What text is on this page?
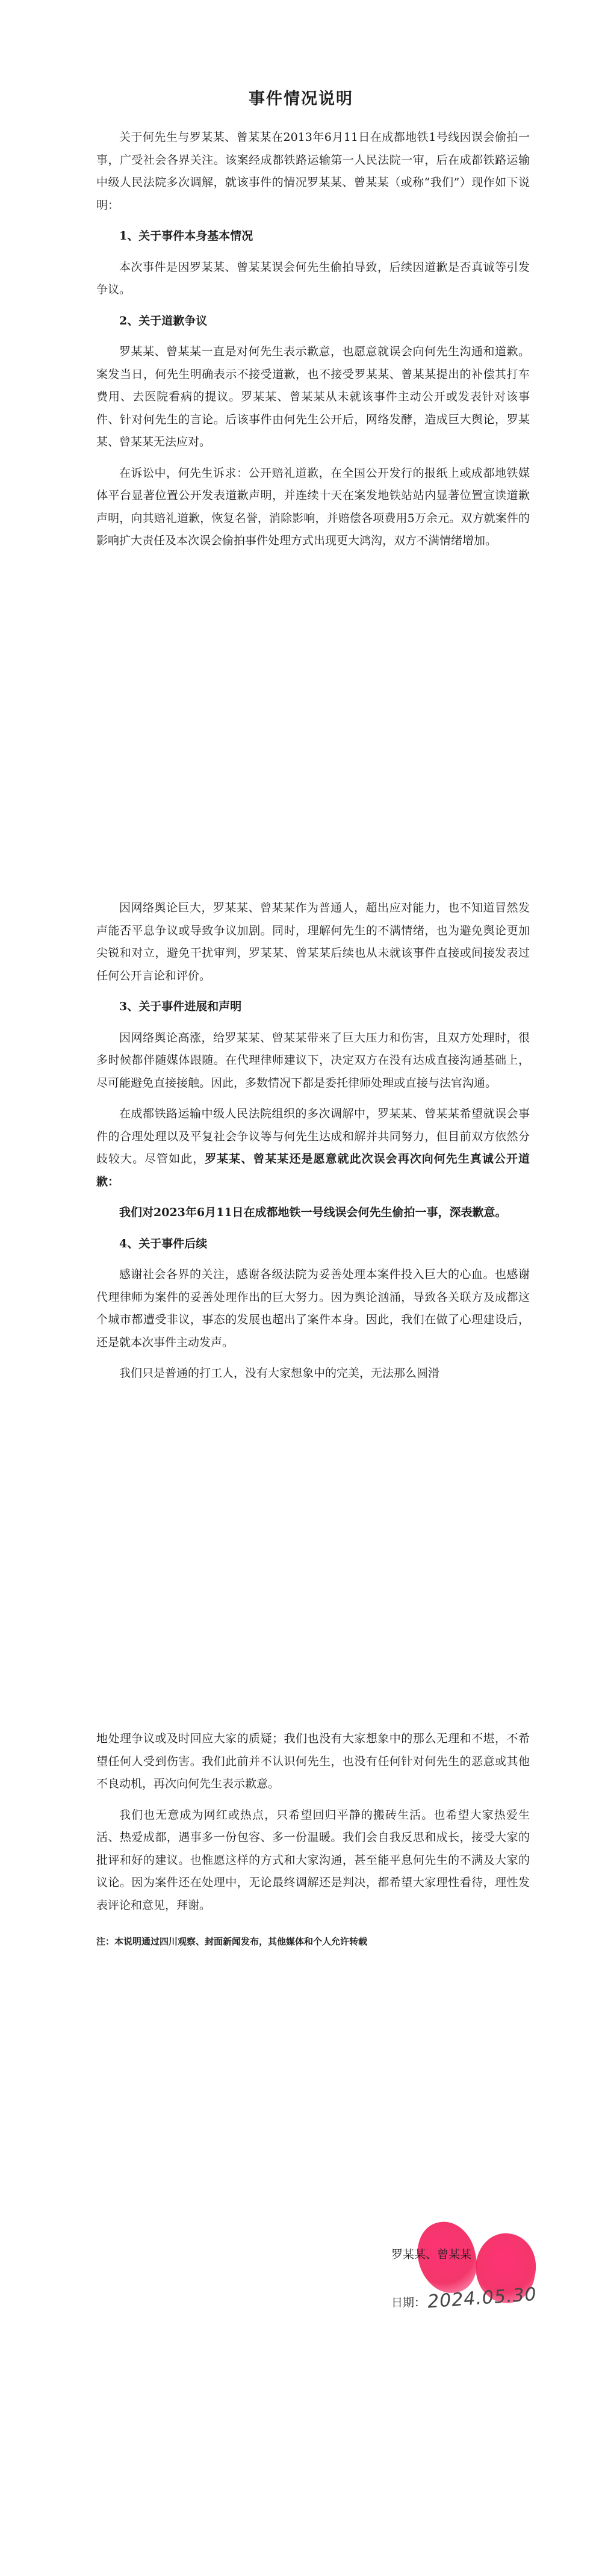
事件情况说明

关于何先生与罗某某、曾某某在2013年6月11日在成都地铁1号线因误会偷拍一事，广受社会各界关注。该案经成都铁路运输第一人民法院一审，后在成都铁路运输中级人民法院多次调解，就该事件的情况罗某某、曾某某（或称“我们”）现作如下说明：

1、关于事件本身基本情况

本次事件是因罗某某、曾某某误会何先生偷拍导致，后续因道歉是否真诚等引发争议。

2、关于道歉争议

罗某某、曾某某一直是对何先生表示歉意，也愿意就误会向何先生沟通和道歉。案发当日，何先生明确表示不接受道歉，也不接受罗某某、曾某某提出的补偿其打车费用、去医院看病的提议。罗某某、曾某某从未就该事件主动公开或发表针对该事件、针对何先生的言论。后该事件由何先生公开后，网络发酵，造成巨大舆论，罗某某、曾某某无法应对。

在诉讼中，何先生诉求：公开赔礼道歉，在全国公开发行的报纸上或成都地铁媒体平台显著位置公开发表道歉声明，并连续十天在案发地铁站站内显著位置宣读道歉声明，向其赔礼道歉，恢复名誉，消除影响，并赔偿各项费用5万余元。双方就案件的影响扩大责任及本次误会偷拍事件处理方式出现更大鸿沟，双方不满情绪增加。

因网络舆论巨大，罗某某、曾某某作为普通人，超出应对能力，也不知道冒然发声能否平息争议或导致争议加剧。同时，理解何先生的不满情绪，也为避免舆论更加尖锐和对立，避免干扰审判，罗某某、曾某某后续也从未就该事件直接或间接发表过任何公开言论和评价。

3、关于事件进展和声明

因网络舆论高涨，给罗某某、曾某某带来了巨大压力和伤害，且双方处理时，很多时候都伴随媒体跟随。在代理律师建议下，决定双方在没有达成直接沟通基础上，尽可能避免直接接触。因此，多数情况下都是委托律师处理或直接与法官沟通。

在成都铁路运输中级人民法院组织的多次调解中，罗某某、曾某某希望就误会事件的合理处理以及平复社会争议等与何先生达成和解并共同努力，但目前双方依然分歧较大。尽管如此，罗某某、曾某某还是愿意就此次误会再次向何先生真诚公开道歉：

我们对2023年6月11日在成都地铁一号线误会何先生偷拍一事，深表歉意。

4、关于事件后续

感谢社会各界的关注，感谢各级法院为妥善处理本案件投入巨大的心血。也感谢代理律师为案件的妥善处理作出的巨大努力。因为舆论汹涌，导致各关联方及成都这个城市都遭受非议，事态的发展也超出了案件本身。因此，我们在做了心理建设后，还是就本次事件主动发声。

我们只是普通的打工人，没有大家想象中的完美，无法那么圆滑

地处理争议或及时回应大家的质疑；我们也没有大家想象中的那么无理和不堪，不希望任何人受到伤害。我们此前并不认识何先生，也没有任何针对何先生的恶意或其他不良动机，再次向何先生表示歉意。

我们也无意成为网红或热点，只希望回归平静的搬砖生活。也希望大家热爱生活、热爱成都，遇事多一份包容、多一份温暖。我们会自我反思和成长，接受大家的批评和好的建议。也惟愿这样的方式和大家沟通，甚至能平息何先生的不满及大家的议论。因为案件还在处理中，无论最终调解还是判决，都希望大家理性看待，理性发表评论和意见，拜谢。

注：本说明通过四川观察、封面新闻发布，其他媒体和个人允许转载

罗某某、曾某某
日期： 2024.05.30
